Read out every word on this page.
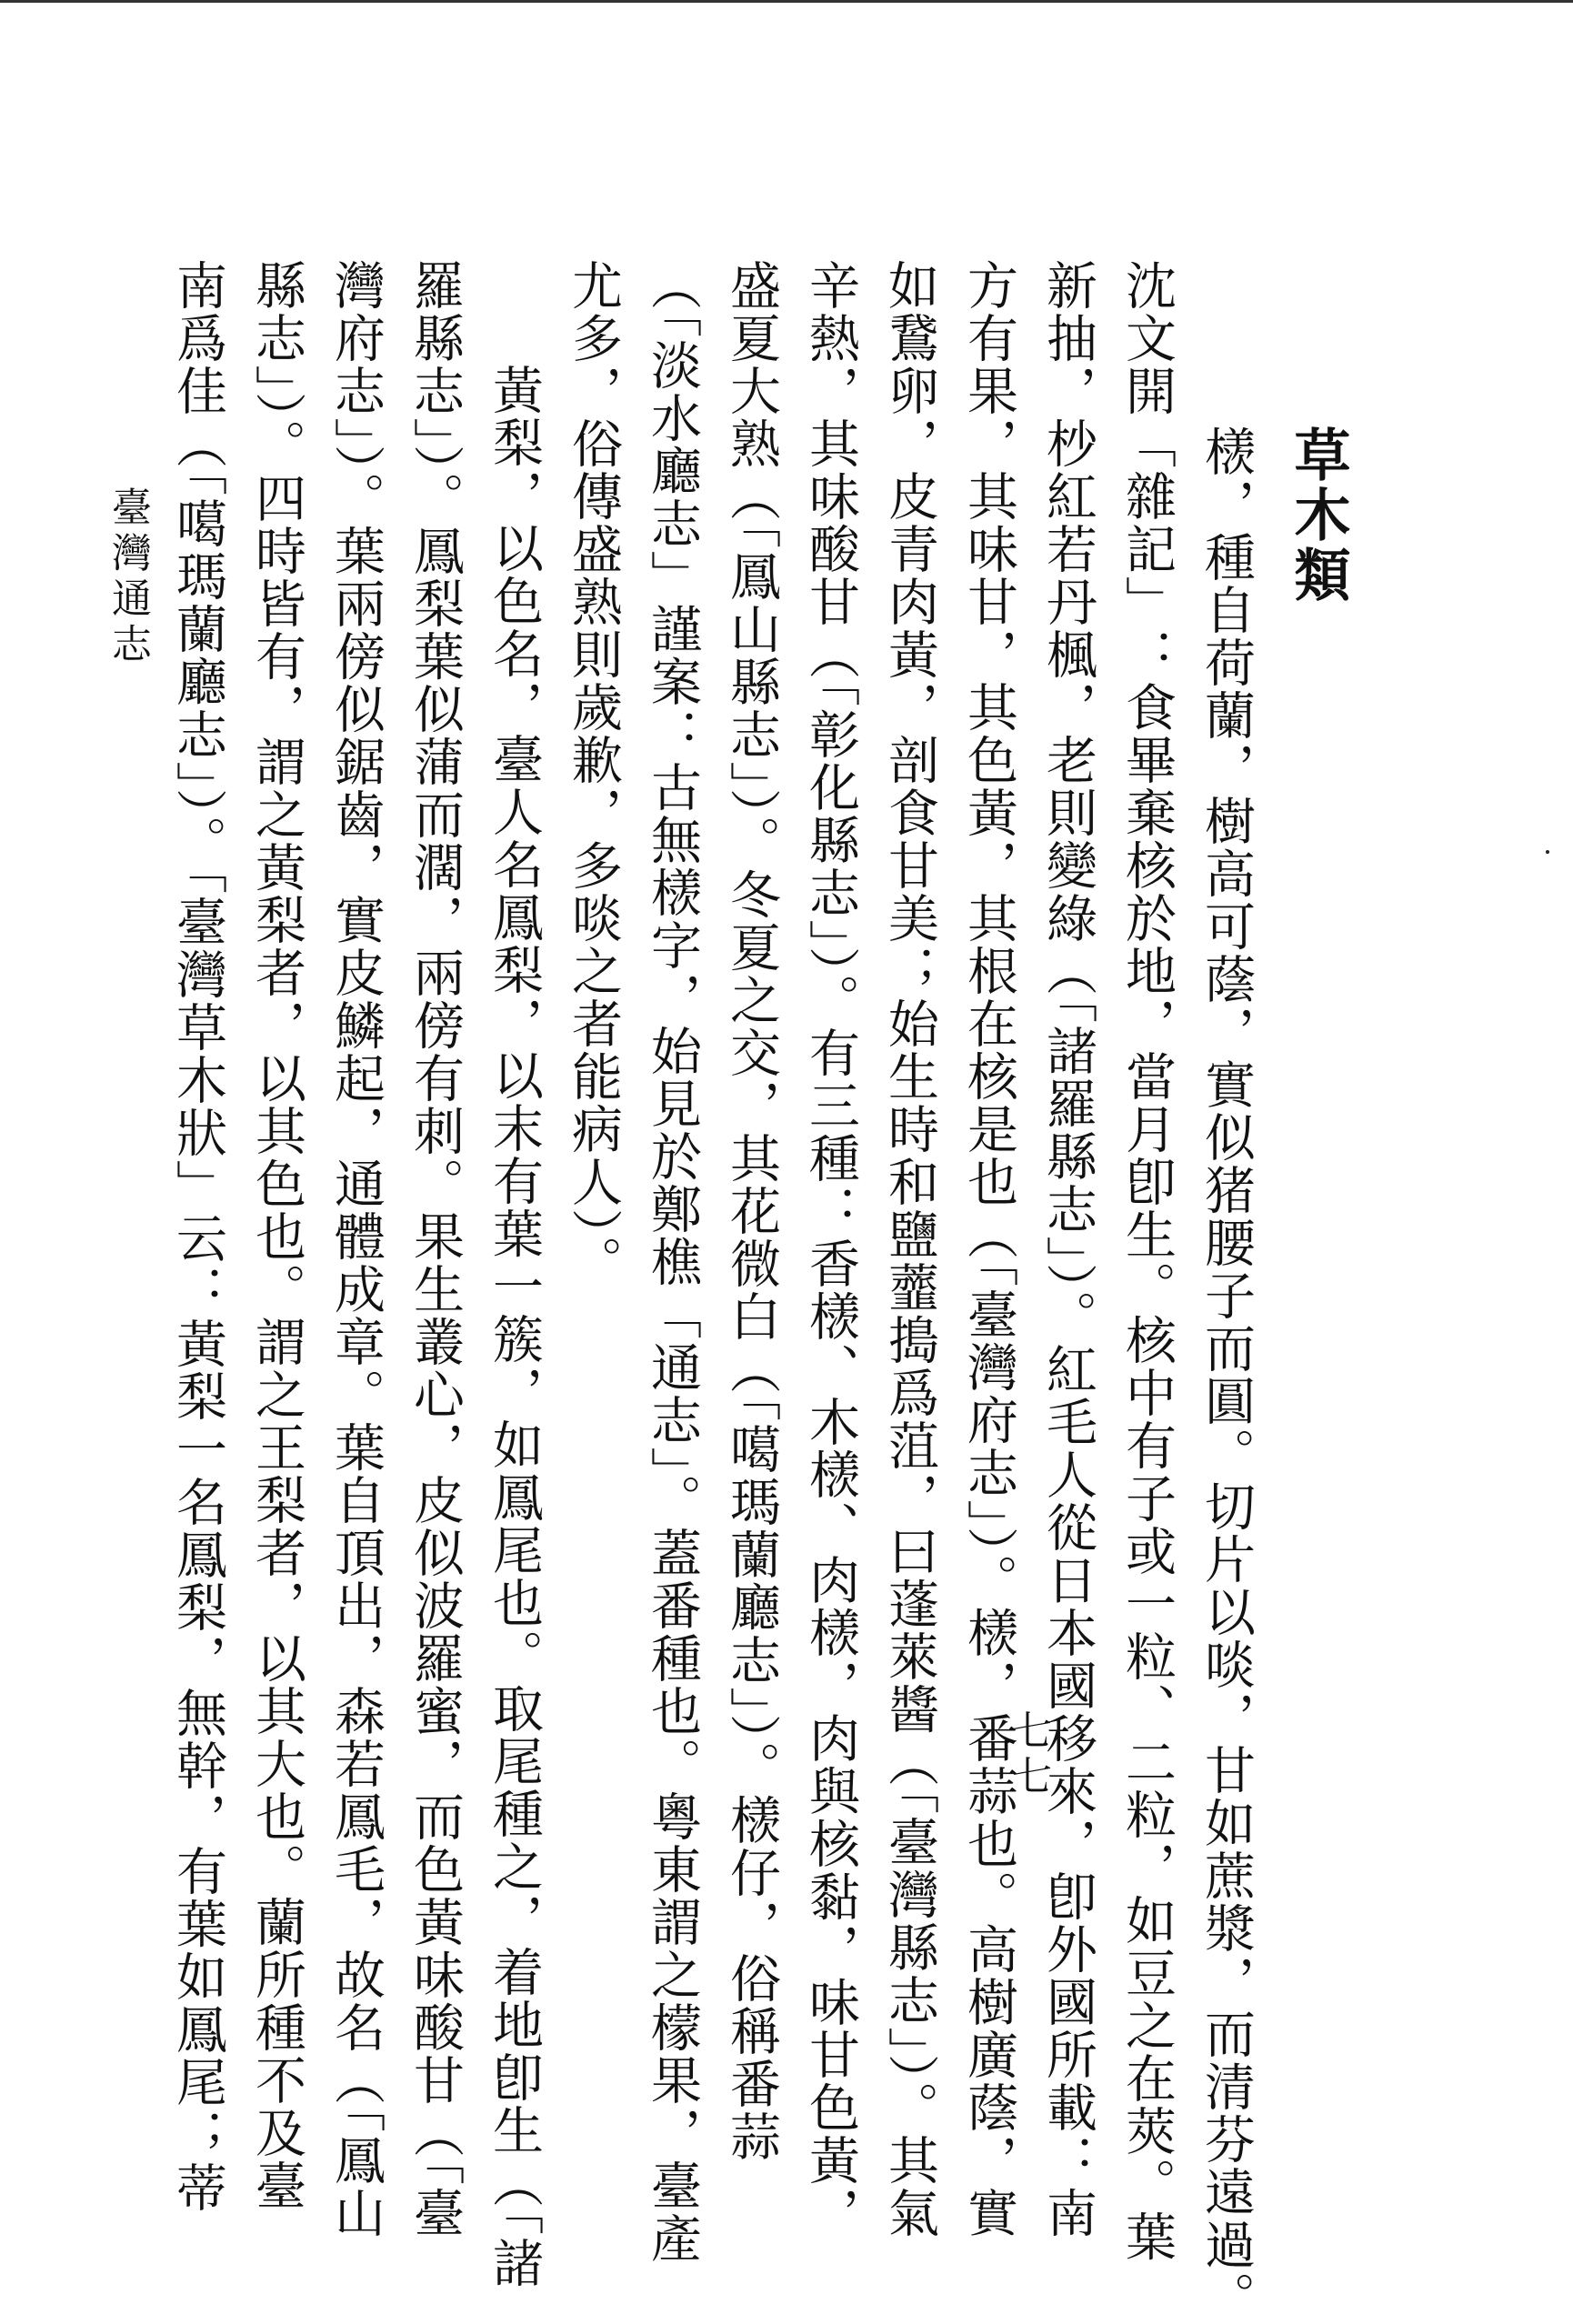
草木類

檨，種自荷蘭，樹高可蔭，實似猪腰子而圓。切片以啖，甘如蔗漿，而清芬遠過。

沈文開「雜記」：食畢棄核於地，當月卽生。核中有子或一粒、二粒，如豆之在莢。葉

新抽，杪紅若丹楓，老則變綠（「諸羅縣志」）。紅毛人從日本國移來，卽外國所載：南

方有果，其味甘，其色黃，其根在核是也（「臺灣府志」）。檨，番蒜也。高樹廣蔭，實

如鵞卵，皮青肉黃，剖食甘美；始生時和鹽虀搗爲菹，曰蓬萊醬（「臺灣縣志」）。其氣

辛熱，其味酸甘（「彰化縣志」）。有三種：香檨、木檨、肉檨，肉與核黏，味甘色黃，

盛夏大熟（「鳳山縣志」）。冬夏之交，其花微白（「噶瑪蘭廳志」）。檨仔，俗稱番蒜

（「淡水廳志」謹案：古無檨字，始見於鄭樵「通志」。蓋番種也。粵東謂之檬果，臺產

尤多，俗傳盛熟則歲歉，多啖之者能病人）。

黃梨，以色名，臺人名鳳梨，以末有葉一簇，如鳳尾也。取尾種之，着地卽生（「諸

羅縣志」）。鳳梨葉似蒲而濶，兩傍有刺。果生叢心，皮似波羅蜜，而色黃味酸甘（「臺

灣府志」）。葉兩傍似鋸齒，實皮鱗起，通體成章。葉自頂出，森若鳳毛，故名（「鳳山

縣志」）。四時皆有，謂之黃梨者，以其色也。謂之王梨者，以其大也。蘭所種不及臺

南爲佳（「噶瑪蘭廳志」）。「臺灣草木狀」云：黃梨一名鳳梨，無幹，有葉如鳳尾；蒂

臺灣通志
七七
